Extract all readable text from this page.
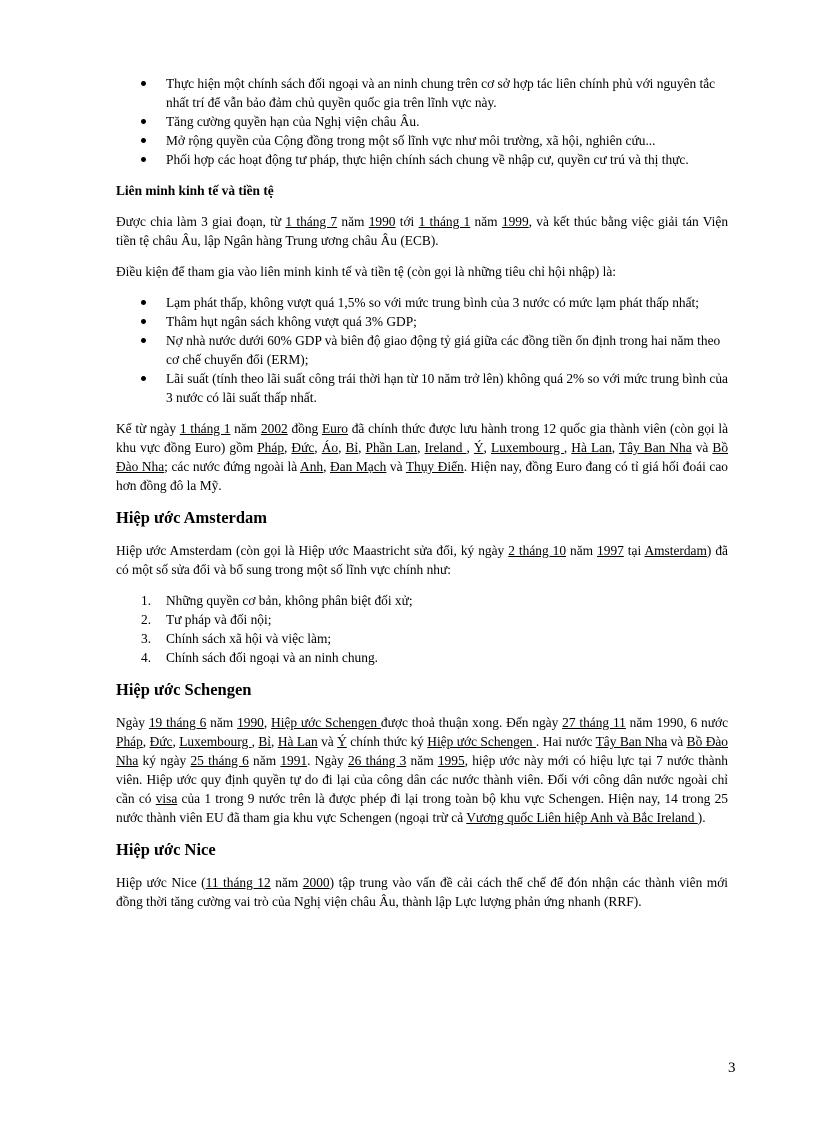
Thực hiện một chính sách đối ngoại và an ninh chung trên cơ sở hợp tác liên chính phủ với nguyên tắc nhất trí để vẫn bảo đảm chủ quyền quốc gia trên lĩnh vực này.
Tăng cường quyền hạn của Nghị viện châu Âu.
Mở rộng quyền của Cộng đồng trong một số lĩnh vực như môi trường, xã hội, nghiên cứu...
Phối hợp các hoạt động tư pháp, thực hiện chính sách chung về nhập cư, quyền cư trú và thị thực.
Liên minh kinh tế và tiền tệ

Được chia làm 3 giai đoạn, từ 1 tháng 7 năm 1990 tới 1 tháng 1 năm 1999, và kết thúc bằng việc giải tán Viện tiền tệ châu Âu, lập Ngân hàng Trung ương châu Âu (ECB).

Điều kiện để tham gia vào liên minh kinh tế và tiền tệ (còn gọi là những tiêu chỉ hội nhập) là:

Lạm phát thấp, không vượt quá 1,5% so với mức trung bình của 3 nước có mức lạm phát thấp nhất;
Thâm hụt ngân sách không vượt quá 3% GDP;
Nợ nhà nước dưới 60% GDP và biên độ giao động tỷ giá giữa các đồng tiền ổn định trong hai năm theo cơ chế chuyển đổi (ERM);
Lãi suất (tính theo lãi suất công trái thời hạn từ 10 năm trở lên) không quá 2% so với mức trung bình của 3 nước có lãi suất thấp nhất.

Kể từ ngày 1 tháng 1 năm 2002 đồng Euro đã chính thức được lưu hành trong 12 quốc gia thành viên (còn gọi là khu vực đồng Euro) gồm Pháp, Đức, Áo, Bỉ, Phần Lan, Ireland , Ý, Luxembourg , Hà Lan, Tây Ban Nha và Bồ Đào Nha; các nước đứng ngoài là Anh, Đan Mạch và Thụy Điển. Hiện nay, đồng Euro đang có tỉ giá hối đoái cao hơn đồng đô la Mỹ.

Hiệp ước Amsterdam

Hiệp ước Amsterdam (còn gọi là Hiệp ước Maastricht sửa đổi, ký ngày 2 tháng 10 năm 1997 tại Amsterdam) đã có một số sửa đổi và bổ sung trong một số lĩnh vực chính như:

1. Những quyền cơ bản, không phân biệt đối xử;
2. Tư pháp và đối nội;
3. Chính sách xã hội và việc làm;
4. Chính sách đối ngoại và an ninh chung.
Hiệp ước Schengen

Ngày 19 tháng 6 năm 1990, Hiệp ước Schengen được thoả thuận xong. Đến ngày 27 tháng 11 năm 1990, 6 nước Pháp, Đức, Luxembourg , Bỉ, Hà Lan và Ý chính thức ký Hiệp ước Schengen . Hai nước Tây Ban Nha và Bồ Đào Nha ký ngày 25 tháng 6 năm 1991. Ngày 26 tháng 3 năm 1995, hiệp ước này mới có hiệu lực tại 7 nước thành viên. Hiệp ước quy định quyền tự do đi lại của công dân các nước thành viên. Đối với công dân nước ngoài chỉ cần có visa của 1 trong 9 nước trên là được phép đi lại trong toàn bộ khu vực Schengen. Hiện nay, 14 trong 25 nước thành viên EU đã tham gia khu vực Schengen (ngoại trừ cả Vương quốc Liên hiệp Anh và Bắc Ireland ).

Hiệp ước Nice

Hiệp ước Nice (11 tháng 12 năm 2000) tập trung vào vấn đề cải cách thể chế để đón nhận các thành viên mới đồng thời tăng cường vai trò của Nghị viện châu Âu, thành lập Lực lượng phản ứng nhanh (RRF).

3
